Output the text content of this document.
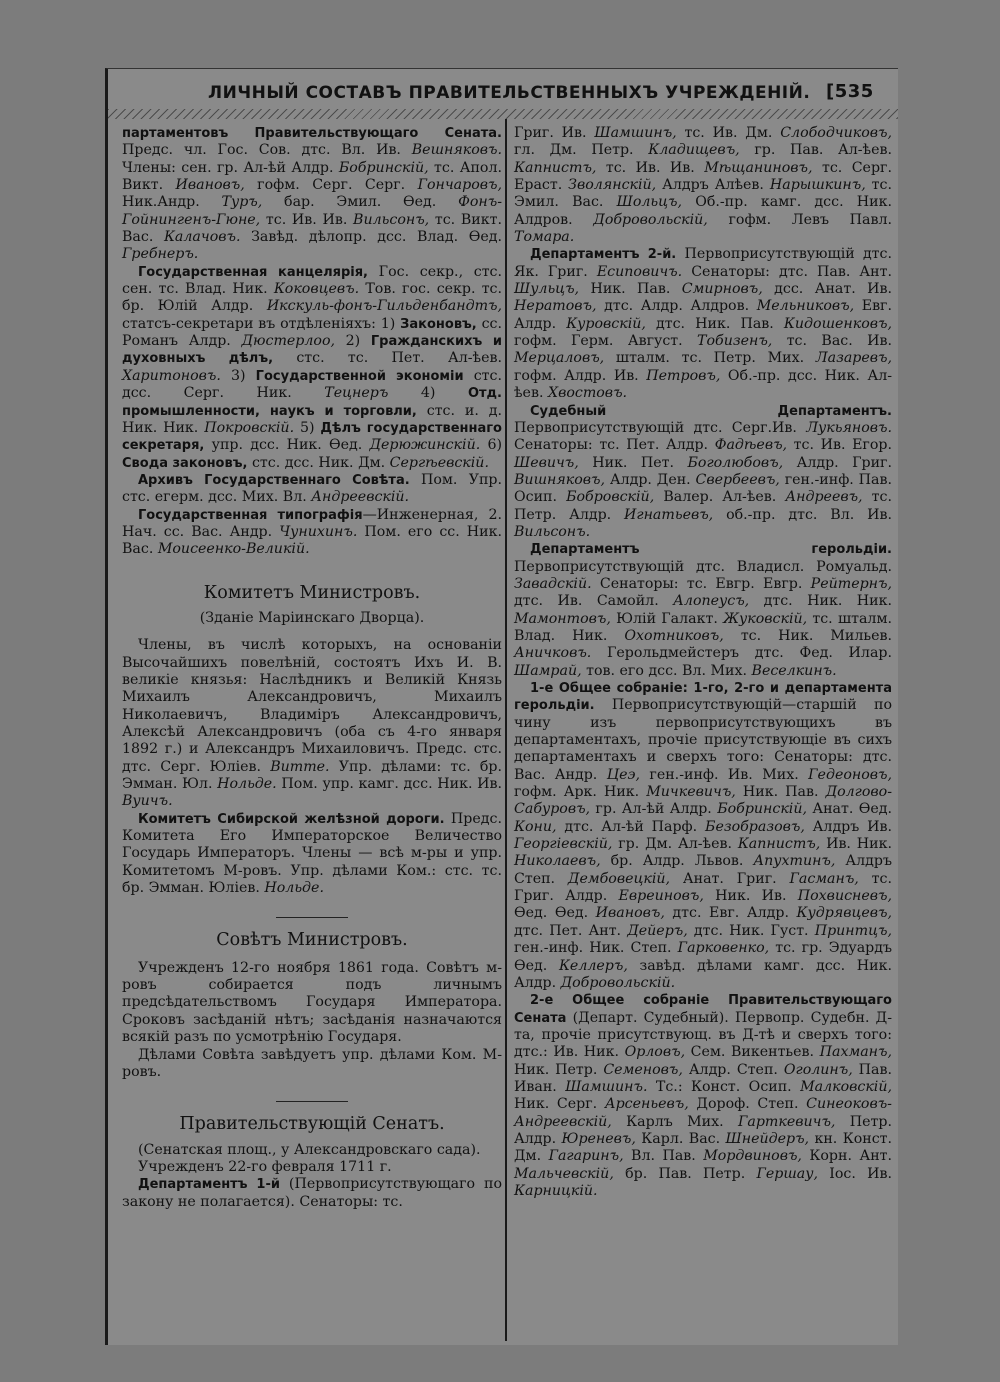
ЛИЧНЫЙ СОСТАВЪ ПРАВИТЕЛЬСТВЕННЫХЪ УЧРЕЖДЕНІЙ. [535

партаментовъ Правительствующаго Сената. Предс. чл. Гос. Сов. дтс. Вл. Ив. Вешняковъ. Члены: сен. гр. Ал-ѣй Алдр. Бобринскій, тс. Апол. Викт. Ивановъ, гофм. Серг. Серг. Гончаровъ, Ник.Андр. Туръ, бар. Эмил. Ѳед. Фонъ-Гойнингенъ-Гюне, тс. Ив. Ив. Вильсонъ, тс. Викт. Вас. Калачовъ. Завѣд. дѣлопр. дсс. Влад. Ѳед. Гребнеръ.

Государственная канцелярія, Гос. секр., стс. сен. тс. Влад. Ник. Коковцевъ. Тов. гос. секр. тс. бр. Юлій Алдр. Икскуль-фонъ-Гильденбандтъ, статсъ-секретари въ отдѣленіяхъ: 1) Законовъ, сс. Романъ Алдр. Дюстерлоо, 2) Гражданскихъ и духовныхъ дѣлъ, стс. тс. Пет. Ал-ѣев. Харитоновъ. 3) Государственной экономіи стс. дсс. Серг. Ник. Тецнеръ 4) Отд. промышленности, наукъ и торговли, стс. и. д. Ник. Ник. Покровскій. 5) Дѣлъ государственнаго секретаря, упр. дсс. Ник. Ѳед. Дерюжинскій. 6) Свода законовъ, стс. дсс. Ник. Дм. Сергѣевскій.

Архивъ Государственнаго Совѣта. Пом. Упр. стс. егерм. дсс. Мих. Вл. Андреевскій.

Государственная типографія—Инженерная, 2. Нач. сс. Вас. Андр. Чунихинъ. Пом. его сс. Ник. Вас. Моисеенко-Великій.

Комитетъ Министровъ.

(Зданіе Маріинскаго Дворца).

Члены, въ числѣ которыхъ, на основаніи Высочайшихъ повелѣній, состоятъ Ихъ И. В. великіе князья: Наслѣдникъ и Великій Князь Михаилъ Александровичъ, Михаилъ Николаевичъ, Владиміръ Александровичъ, Алексѣй Александровичъ (оба съ 4-го января 1892 г.) и Александръ Михаиловичъ. Предс. стс. дтс. Серг. Юліев. Витте. Упр. дѣлами: тс. бр. Эмман. Юл. Нольде. Пом. упр. камг. дсс. Ник. Ив. Вуичъ.

Комитетъ Сибирской желѣзной дороги. Предс. Комитета Его Императорское Величество Государь Императоръ. Члены — всѣ м-ры и упр. Комитетомъ М-ровъ. Упр. дѣлами Ком.: стс. тс. бр. Эмман. Юліев. Нольде.

Совѣтъ Министровъ.

Учрежденъ 12-го ноября 1861 года. Совѣтъ м-ровъ собирается подъ личнымъ предсѣдательствомъ Государя Императора. Сроковъ засѣданій нѣтъ; засѣданія назначаются всякій разъ по усмотрѣнію Государя.

Дѣлами Совѣта завѣдуетъ упр. дѣлами Ком. М-ровъ.

Правительствующій Сенатъ.

(Сенатская площ., у Александровскаго сада).

Учрежденъ 22-го февраля 1711 г.

Департаментъ 1-й (Первоприсутствующаго по закону не полагается). Сенаторы: тс.

Григ. Ив. Шамшинъ, тс. Ив. Дм. Слободчиковъ, гл. Дм. Петр. Кладищевъ, гр. Пав. Ал-ѣев. Капнистъ, тс. Ив. Ив. Мѣщаниновъ, тс. Серг. Ераст. Зволянскій, Алдръ Алѣев. Нарышкинъ, тс. Эмил. Вас. Шольцъ, Об.-пр. камг. дсс. Ник. Алдров. Добровольскій, гофм. Левъ Павл. Томара.

Департаментъ 2-й. Первоприсутствующій дтс. Як. Григ. Есиповичъ. Сенаторы: дтс. Пав. Ант. Шульцъ, Ник. Пав. Смирновъ, дсс. Анат. Ив. Нератовъ, дтс. Алдр. Алдров. Мельниковъ, Евг. Алдр. Куровскій, дтс. Ник. Пав. Кидошенковъ, гофм. Герм. Август. Тобизенъ, тс. Вас. Ив. Мерцаловъ, шталм. тс. Петр. Мих. Лазаревъ, гофм. Алдр. Ив. Петровъ, Об.-пр. дсс. Ник. Ал-ѣев. Хвостовъ.

Судебный Департаментъ. Первоприсутствующій дтс. Серг.Ив. Лукьяновъ. Сенаторы: тс. Пет. Алдр. Фадѣевъ, тс. Ив. Егор. Шевичъ, Ник. Пет. Боголюбовъ, Алдр. Григ. Вишняковъ, Алдр. Ден. Свербеевъ, ген.-инф. Пав. Осип. Бобровскій, Валер. Ал-ѣев. Андреевъ, тс. Петр. Алдр. Игнатьевъ, об.-пр. дтс. Вл. Ив. Вильсонъ.

Департаментъ герольдіи. Первоприсутствующій дтс. Владисл. Ромуальд. Завадскій. Сенаторы: тс. Евгр. Евгр. Рейтернъ, дтс. Ив. Самойл. Алопеусъ, дтс. Ник. Ник. Мамонтовъ, Юлій Галакт. Жуковскій, тс. шталм. Влад. Ник. Охотниковъ, тс. Ник. Мильев. Аничковъ. Герольдмейстеръ дтс. Фед. Илар. Шамрай, тов. его дсс. Вл. Мих. Веселкинъ.

1-е Общее собраніе: 1-го, 2-го и департамента герольдіи. Первоприсутствующій—старшій по чину изъ первоприсутствующихъ въ департаментахъ, прочіе присутствующіе въ сихъ департаментахъ и сверхъ того: Сенаторы: дтс. Вас. Андр. Цеэ, ген.-инф. Ив. Мих. Гедеоновъ, гофм. Арк. Ник. Мичкевичъ, Ник. Пав. Долгово-Сабуровъ, гр. Ал-ѣй Алдр. Бобринскій, Анат. Ѳед. Кони, дтс. Ал-ѣй Парф. Безобразовъ, Алдръ Ив. Георгіевскій, гр. Дм. Ал-ѣев. Капнистъ, Ив. Ник. Николаевъ, бр. Алдр. Львов. Апухтинъ, Алдръ Степ. Дембовецкій, Анат. Григ. Гасманъ, тс. Григ. Алдр. Евреиновъ, Ник. Ив. Похвисневъ, Ѳед. Ѳед. Ивановъ, дтс. Евг. Алдр. Кудрявцевъ, дтс. Пет. Ант. Дейеръ, дтс. Ник. Густ. Принтцъ, ген.-инф. Ник. Степ. Гарковенко, тс. гр. Эдуардъ Ѳед. Келлеръ, завѣд. дѣлами камг. дсс. Ник. Алдр. Добровольскій.

2-е Общее собраніе Правительствующаго Сената (Департ. Судебный). Первопр. Судебн. Д-та, прочіе присутствующ. въ Д-тѣ и сверхъ того: дтс.: Ив. Ник. Орловъ, Сем. Викентьев. Пахманъ, Ник. Петр. Семеновъ, Алдр. Степ. Оголинъ, Пав. Иван. Шамшинъ. Тс.: Конст. Осип. Малковскій, Ник. Серг. Арсеньевъ, Дороф. Степ. Синеоковъ-Андреевскій, Карлъ Мих. Гарткевичъ, Петр. Алдр. Юреневъ, Карл. Вас. Шнейдеръ, кн. Конст. Дм. Гагаринъ, Вл. Пав. Мордвиновъ, Корн. Ант. Мальчевскій, бр. Пав. Петр. Гершау, Іос. Ив. Карницкій.
